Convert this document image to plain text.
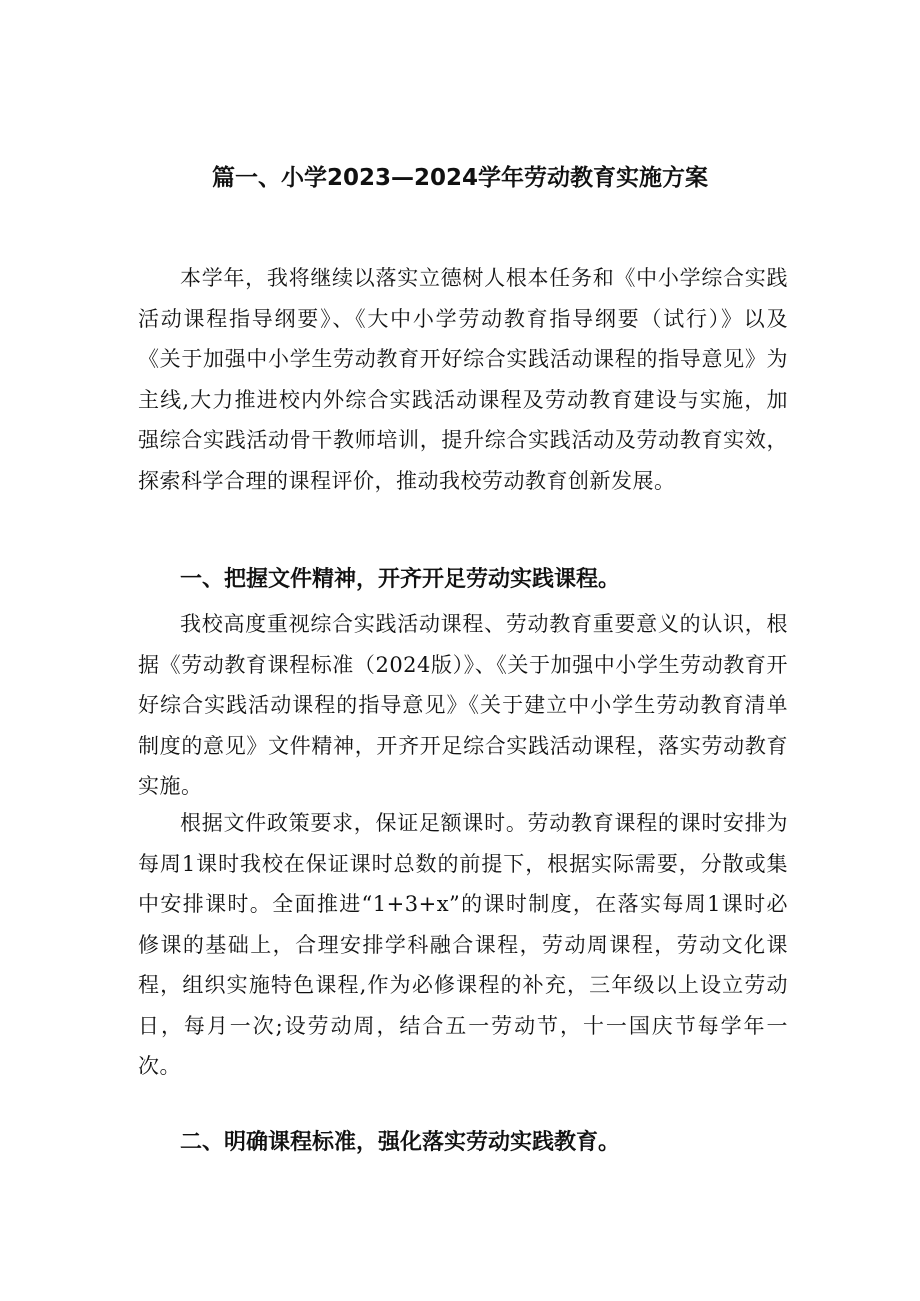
篇一、小学2023—2024学年劳动教育实施方案

本学年，我将继续以落实立德树人根本任务和《中小学综合实践活动课程指导纲要》、《大中小学劳动教育指导纲要（试行）》以及《关于加强中小学生劳动教育开好综合实践活动课程的指导意见》为主线,大力推进校内外综合实践活动课程及劳动教育建设与实施，加强综合实践活动骨干教师培训，提升综合实践活动及劳动教育实效，探索科学合理的课程评价，推动我校劳动教育创新发展。

一、把握文件精神，开齐开足劳动实践课程。

我校高度重视综合实践活动课程、劳动教育重要意义的认识，根据《劳动教育课程标准（2024版）》、《关于加强中小学生劳动教育开好综合实践活动课程的指导意见》《关于建立中小学生劳动教育清单制度的意见》文件精神，开齐开足综合实践活动课程，落实劳动教育实施。

根据文件政策要求，保证足额课时。劳动教育课程的课时安排为每周1课时我校在保证课时总数的前提下，根据实际需要，分散或集中安排课时。全面推进“1+3+x”的课时制度，在落实每周1课时必修课的基础上，合理安排学科融合课程，劳动周课程，劳动文化课程，组织实施特色课程,作为必修课程的补充，三年级以上设立劳动日，每月一次;设劳动周，结合五一劳动节，十一国庆节每学年一次。

二、明确课程标准，强化落实劳动实践教育。
